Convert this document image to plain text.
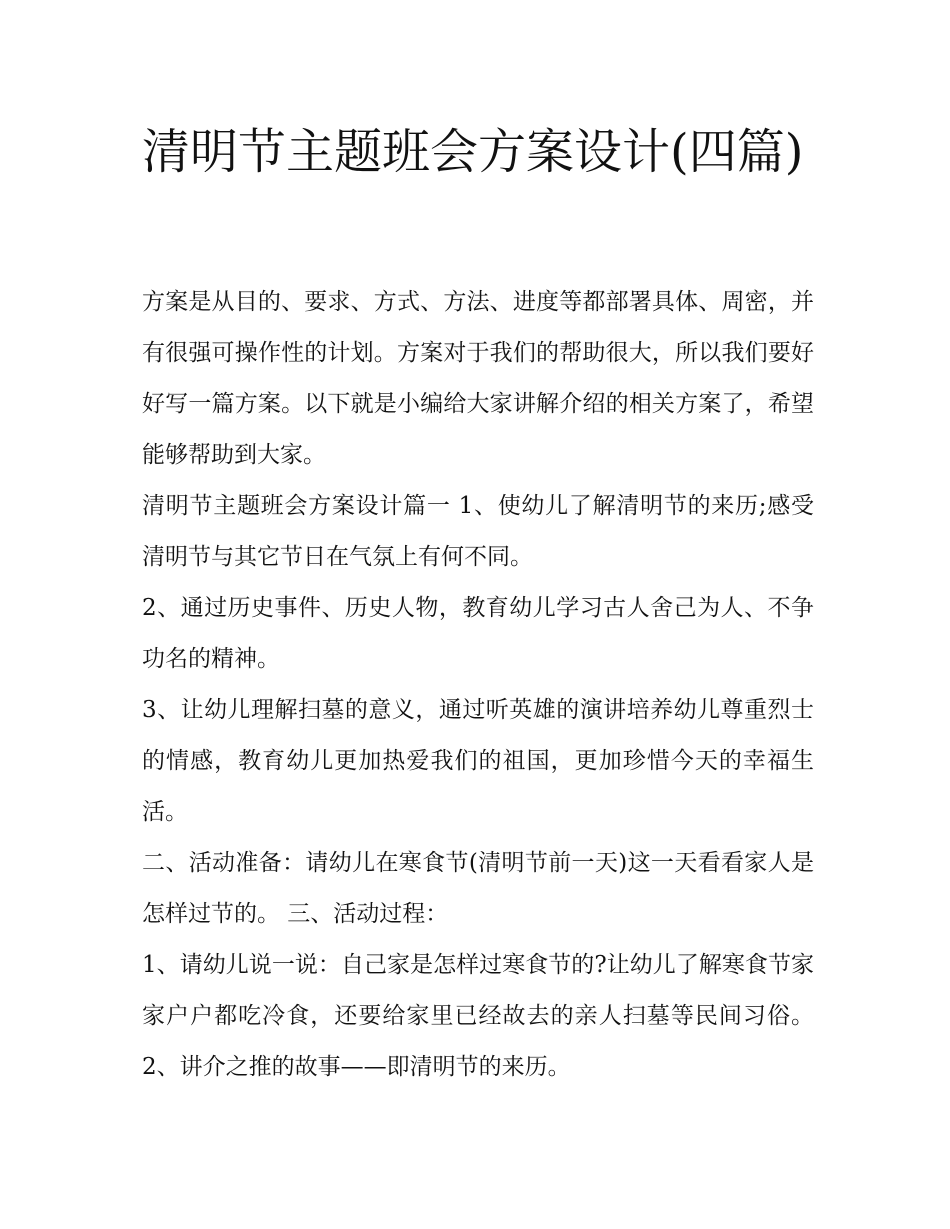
清明节主题班会方案设计(四篇)

方案是从目的、要求、方式、方法、进度等都部署具体、周密，并有很强可操作性的计划。方案对于我们的帮助很大，所以我们要好好写一篇方案。以下就是小编给大家讲解介绍的相关方案了，希望能够帮助到大家。

清明节主题班会方案设计篇一 1、使幼儿了解清明节的来历;感受清明节与其它节日在气氛上有何不同。

2、通过历史事件、历史人物，教育幼儿学习古人舍己为人、不争功名的精神。

3、让幼儿理解扫墓的意义，通过听英雄的演讲培养幼儿尊重烈士的情感，教育幼儿更加热爱我们的祖国，更加珍惜今天的幸福生活。

二、活动准备：请幼儿在寒食节(清明节前一天)这一天看看家人是怎样过节的。 三、活动过程：

1、请幼儿说一说：自己家是怎样过寒食节的?让幼儿了解寒食节家家户户都吃冷食，还要给家里已经故去的亲人扫墓等民间习俗。 2、讲介之推的故事——即清明节的来历。
